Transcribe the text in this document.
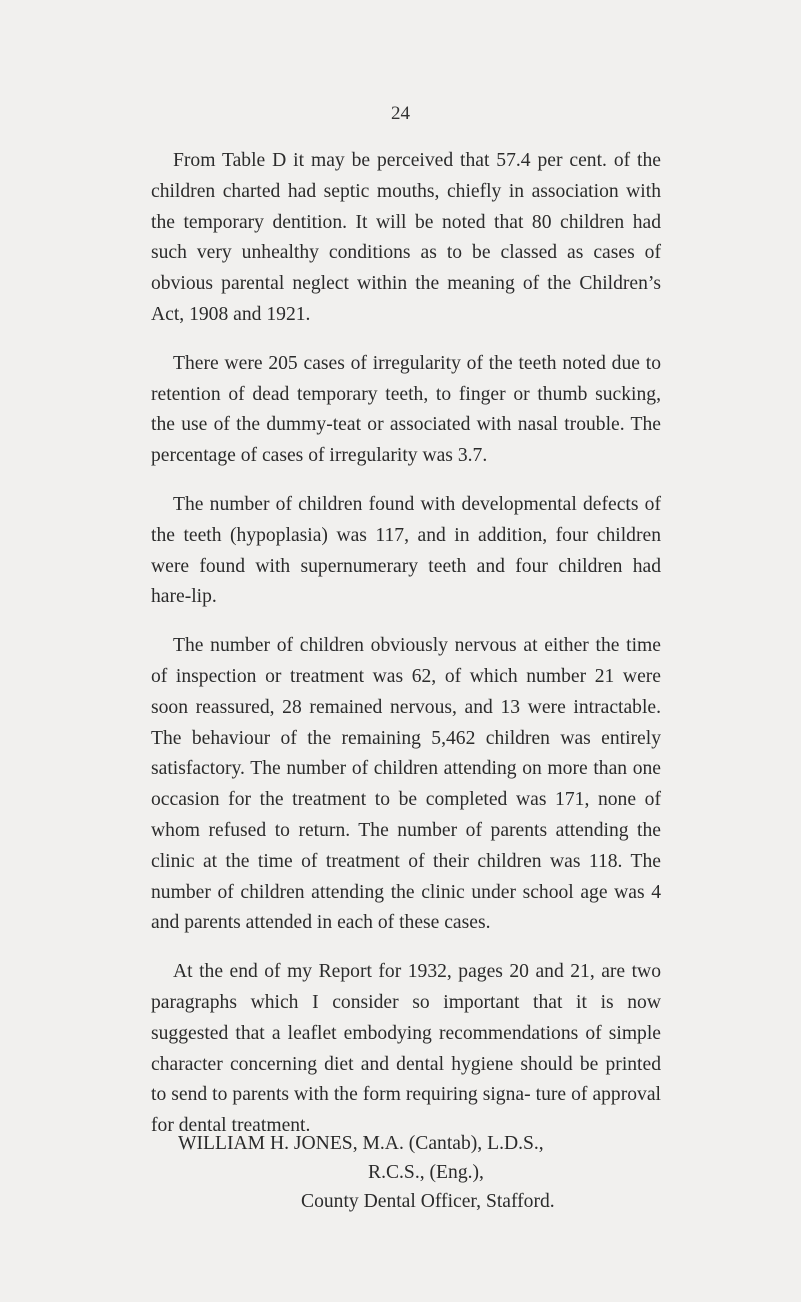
24

From Table D it may be perceived that 57.4 per cent. of the children charted had septic mouths, chiefly in association with the temporary dentition. It will be noted that 80 children had such very unhealthy conditions as to be classed as cases of obvious parental neglect within the meaning of the Children’s Act, 1908 and 1921.

There were 205 cases of irregularity of the teeth noted due to retention of dead temporary teeth, to finger or thumb sucking, the use of the dummy-teat or associated with nasal trouble. The percentage of cases of irregularity was 3.7.

The number of children found with developmental defects of the teeth (hypoplasia) was 117, and in addition, four children were found with supernumerary teeth and four children had hare-lip.

The number of children obviously nervous at either the time of inspection or treatment was 62, of which number 21 were soon reassured, 28 remained nervous, and 13 were intractable. The behaviour of the remaining 5,462 children was entirely satisfactory. The number of children attending on more than one occasion for the treatment to be completed was 171, none of whom refused to return. The number of parents attending the clinic at the time of treatment of their children was 118. The number of children attending the clinic under school age was 4 and parents attended in each of these cases.

At the end of my Report for 1932, pages 20 and 21, are two paragraphs which I consider so important that it is now suggested that a leaflet embodying recommendations of simple character concerning diet and dental hygiene should be printed to send to parents with the form requiring signa- ture of approval for dental treatment.

WILLIAM H. JONES, M.A. (Cantab), L.D.S.,
R.C.S., (Eng.),
County Dental Officer, Stafford.
